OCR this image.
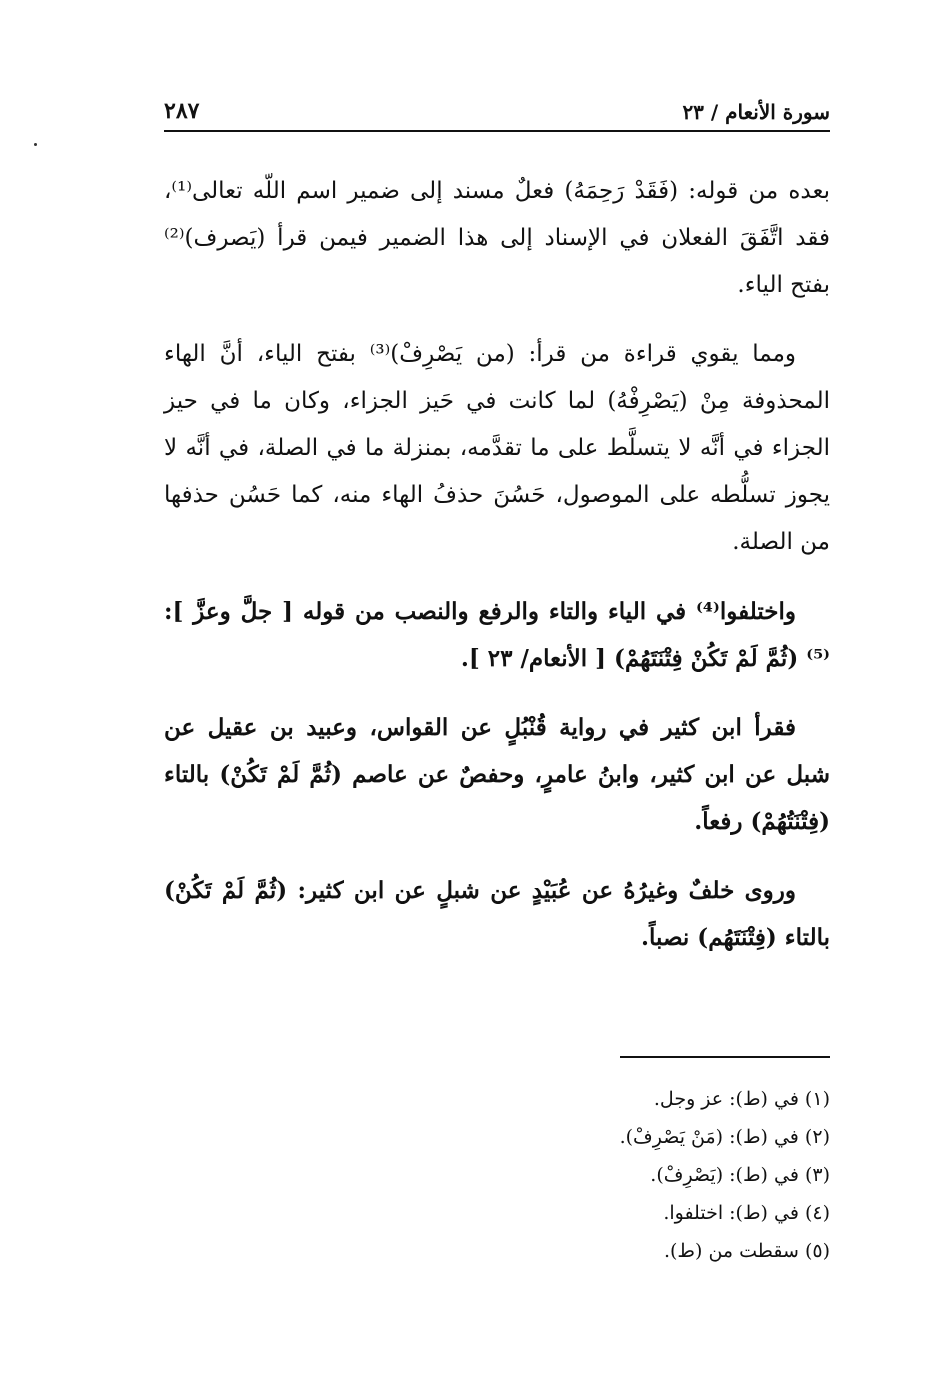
سورة الأنعام / ٢٣
٢٨٧

بعده من قوله: (فَقَدْ رَحِمَهُ) فعلٌ مسند إلى ضمير اسم اللّه تعالى⁽¹⁾، فقد اتَّفَقَ الفعلان في الإسناد إلى هذا الضمير فيمن قرأ (يَصرف)⁽²⁾ بفتح الياء.

ومما يقوي قراءة من قرأ: (من يَصْرِفْ)⁽³⁾ بفتح الياء، أنَّ الهاء المحذوفة مِنْ (يَصْرِفْهُ) لما كانت في حَيز الجزاء، وكان ما في حيز الجزاء في أنَّه لا يتسلَّط على ما تقدَّمه، بمنزلة ما في الصلة، في أنَّه لا يجوز تسلُّطه على الموصول، حَسُنَ حذفُ الهاء منه، كما حَسُن حذفها من الصلة.

واختلفوا⁽⁴⁾ في الياء والتاء والرفع والنصب من قوله [ جلَّ وعزَّ ]:⁽⁵⁾ (ثُمَّ لَمْ تَكُنْ فِتْنَتَهُمْ) [ الأنعام/ ٢٣ ].

فقرأ ابن كثير في رواية قُنْبُلٍ عن القواس، وعبيد بن عقيل عن شبل عن ابن كثير، وابنُ عامرٍ، وحفصٌ عن عاصم (ثُمَّ لَمْ تَكُنْ) بالتاء (فِتْنَتُهُمْ) رفعاً.

وروى خلفٌ وغيرُهُ عن عُبَيْدٍ عن شبلٍ عن ابن كثير: (ثُمَّ لَمْ تَكُنْ) بالتاء (فِتْنَتَهُم) نصباً.

(١) في (ط): عز وجل.
(٢) في (ط): (مَنْ يَصْرِفْ).
(٣) في (ط): (يَصْرِفْ).
(٤) في (ط): اختلفوا.
(٥) سقطت من (ط).
